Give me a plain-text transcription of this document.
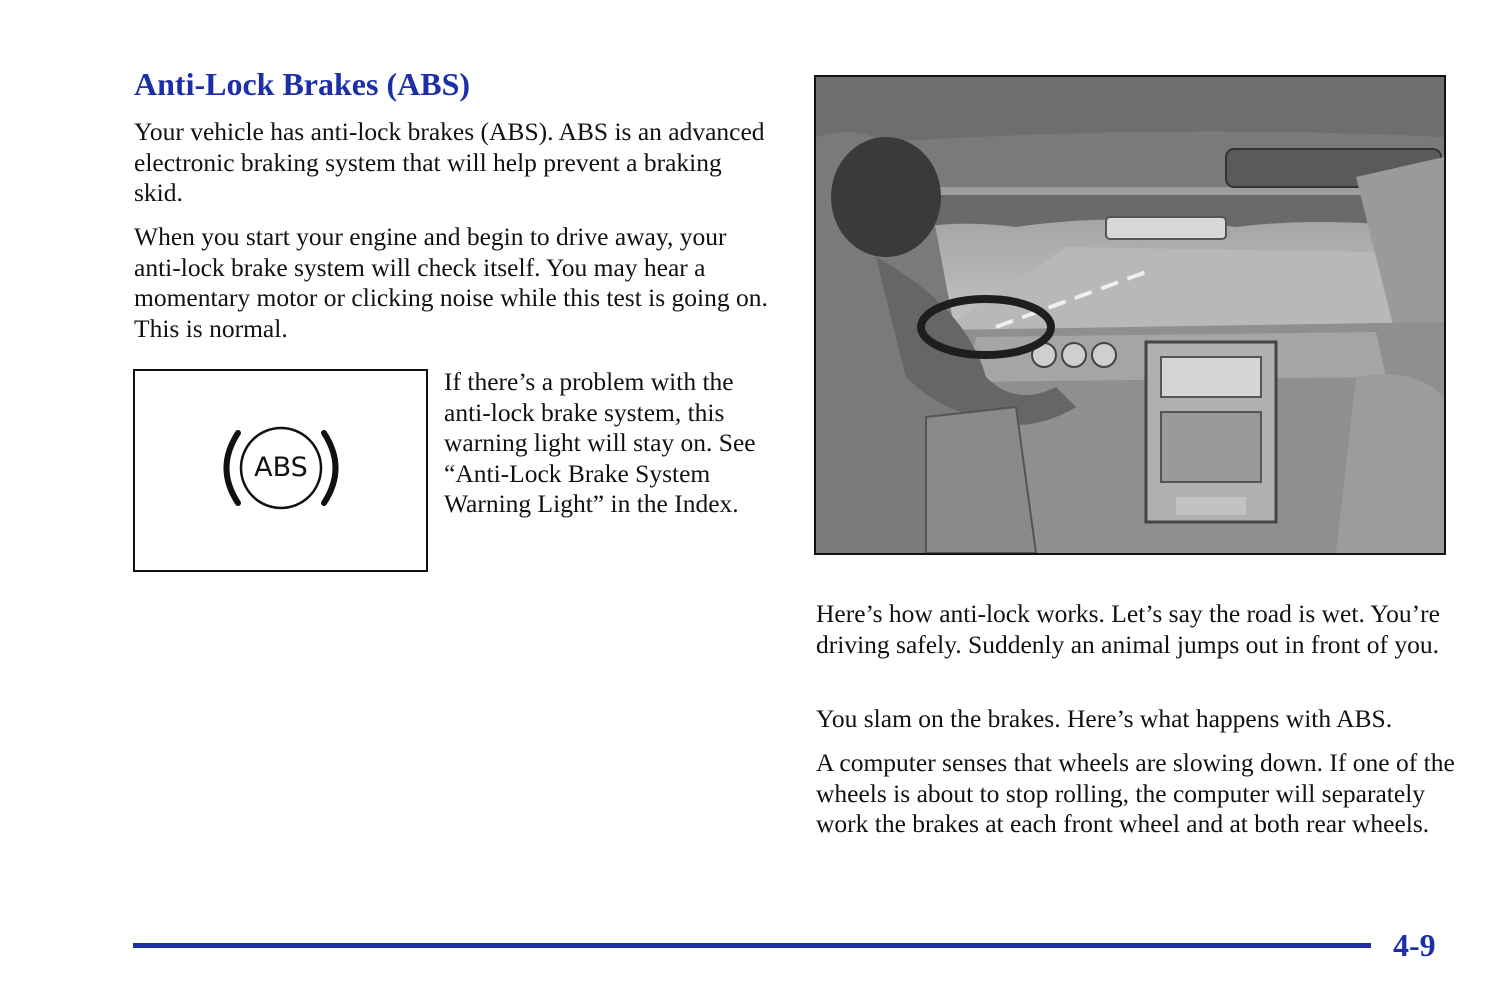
Anti-Lock Brakes (ABS)

Your vehicle has anti-lock brakes (ABS). ABS is an advanced electronic braking system that will help prevent a braking skid.

When you start your engine and begin to drive away, your anti-lock brake system will check itself. You may hear a momentary motor or clicking noise while this test is going on. This is normal.

ABS

If there’s a problem with the anti-lock brake system, this warning light will stay on. See “Anti-Lock Brake System Warning Light” in the Index.

Here’s how anti-lock works. Let’s say the road is wet. You’re driving safely. Suddenly an animal jumps out in front of you.

You slam on the brakes. Here’s what happens with ABS.

A computer senses that wheels are slowing down. If one of the wheels is about to stop rolling, the computer will separately work the brakes at each front wheel and at both rear wheels.

4-9
